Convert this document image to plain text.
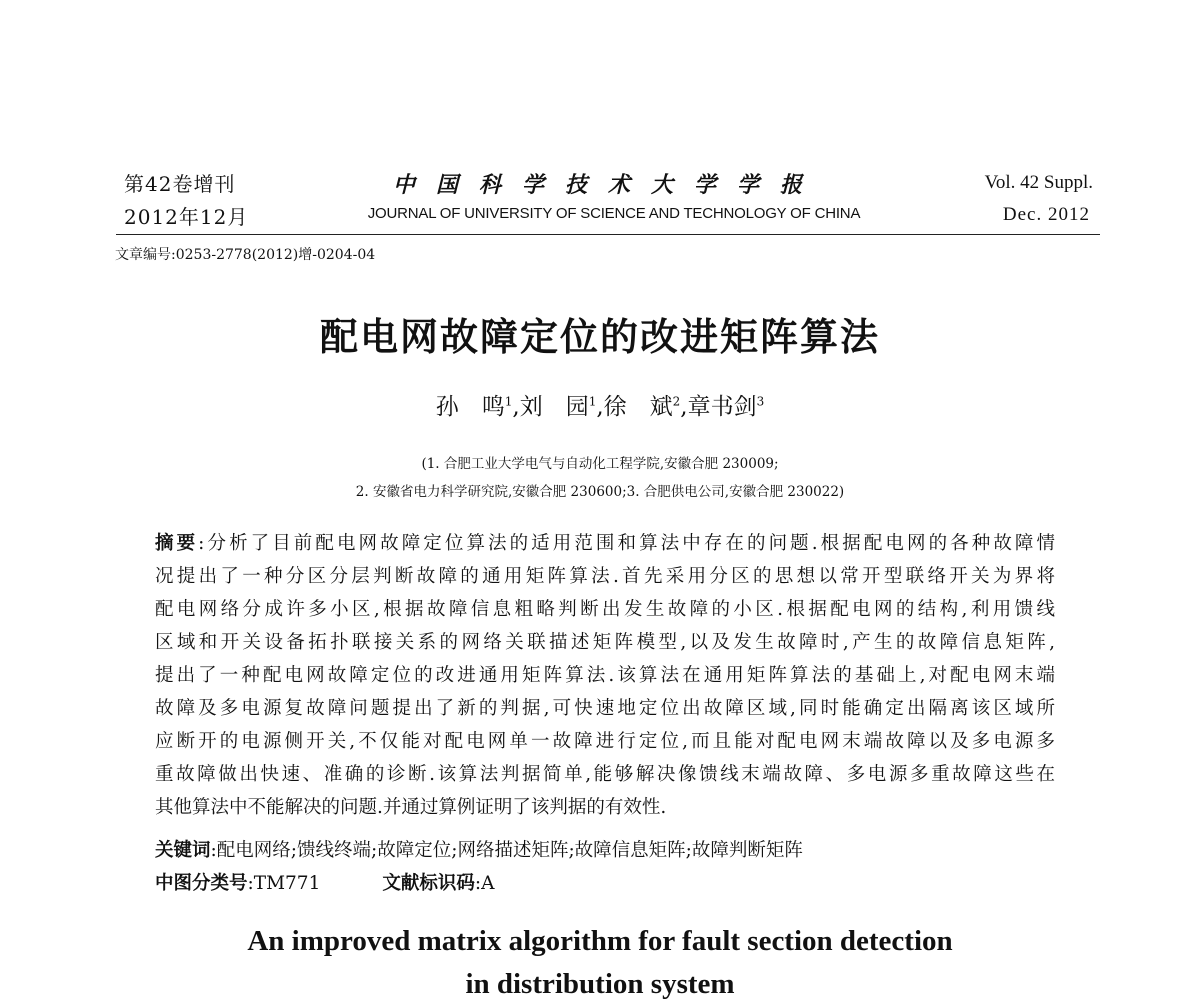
第42卷增刊
2012年12月
中国科学技术大学学报
JOURNAL OF UNIVERSITY OF SCIENCE AND TECHNOLOGY OF CHINA
Vol. 42 Suppl.
Dec. 2012
文章编号:0253-2778(2012)增-0204-04
配电网故障定位的改进矩阵算法
孙　鸣$^1$,刘　园$^1$,徐　斌$^2$,章书剑$^3$
(1. 合肥工业大学电气与自动化工程学院,安徽合肥 230009;
2. 安徽省电力科学研究院,安徽合肥 230600;3. 合肥供电公司,安徽合肥 230022)
摘要:分析了目前配电网故障定位算法的适用范围和算法中存在的问题.根据配电网的各种故障情
况提出了一种分区分层判断故障的通用矩阵算法.首先采用分区的思想以常开型联络开关为界将
配电网络分成许多小区,根据故障信息粗略判断出发生故障的小区.根据配电网的结构,利用馈线
区域和开关设备拓扑联接关系的网络关联描述矩阵模型,以及发生故障时,产生的故障信息矩阵,
提出了一种配电网故障定位的改进通用矩阵算法.该算法在通用矩阵算法的基础上,对配电网末端
故障及多电源复故障问题提出了新的判据,可快速地定位出故障区域,同时能确定出隔离该区域所
应断开的电源侧开关,不仅能对配电网单一故障进行定位,而且能对配电网末端故障以及多电源多
重故障做出快速、准确的诊断.该算法判据简单,能够解决像馈线末端故障、多电源多重故障这些在
其他算法中不能解决的问题.并通过算例证明了该判据的有效性.
关键词:配电网络;馈线终端;故障定位;网络描述矩阵;故障信息矩阵;故障判断矩阵
中图分类号:TM771	文献标识码:A
An improved matrix algorithm for fault section detection
in distribution system
